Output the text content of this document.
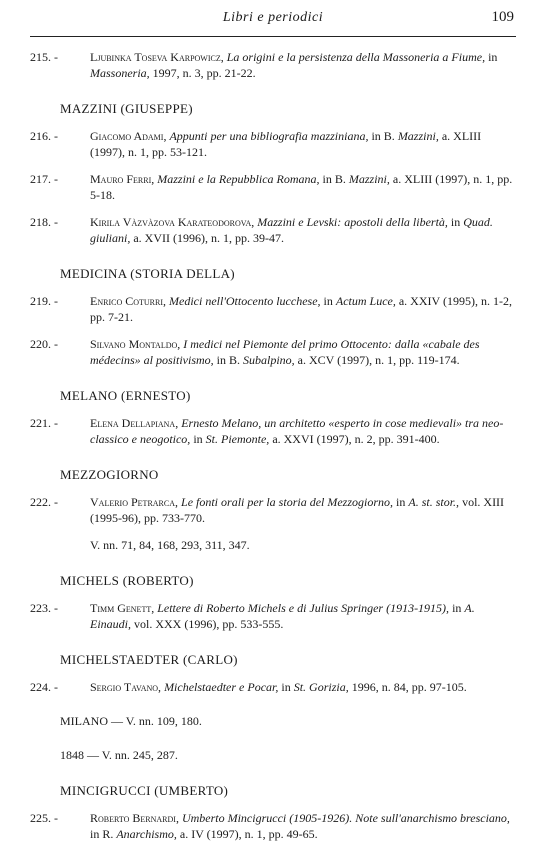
Libri e periodici	109
215. -	Ljubinka Toseva Karpowicz, La origini e la persistenza della Massoneria a Fiume, in Massoneria, 1997, n. 3, pp. 21-22.
MAZZINI (GIUSEPPE)
216. -	Giacomo Adami, Appunti per una bibliografia mazziniana, in B. Mazzini, a. XLIII (1997), n. 1, pp. 53-121.
217. -	Mauro Ferri, Mazzini e la Repubblica Romana, in B. Mazzini, a. XLIII (1997), n. 1, pp. 5-18.
218. -	Kirila Vàzvàzova Karateodorova, Mazzini e Levski: apostoli della libertà, in Quad. giuliani, a. XVII (1996), n. 1, pp. 39-47.
MEDICINA (STORIA DELLA)
219. -	Enrico Coturri, Medici nell'Ottocento lucchese, in Actum Luce, a. XXIV (1995), n. 1-2, pp. 7-21.
220. -	Silvano Montaldo, I medici nel Piemonte del primo Ottocento: dalla «cabale des médecins» al positivismo, in B. Subalpino, a. XCV (1997), n. 1, pp. 119-174.
MELANO (ERNESTO)
221. -	Elena Dellapiana, Ernesto Melano, un architetto «esperto in cose medievali» tra neo-classico e neogotico, in St. Piemonte, a. XXVI (1997), n. 2, pp. 391-400.
MEZZOGIORNO
222. -	Valerio Petrarca, Le fonti orali per la storia del Mezzogiorno, in A. st. stor., vol. XIII (1995-96), pp. 733-770.
V. nn. 71, 84, 168, 293, 311, 347.
MICHELS (ROBERTO)
223. -	Timm Genett, Lettere di Roberto Michels e di Julius Springer (1913-1915), in A. Einaudi, vol. XXX (1996), pp. 533-555.
MICHELSTAEDTER (CARLO)
224. -	Sergio Tavano, Michelstaedter e Pocar, in St. Gorizia, 1996, n. 84, pp. 97-105.
MILANO — V. nn. 109, 180.
1848 — V. nn. 245, 287.
MINCIGRUCCI (UMBERTO)
225. -	Roberto Bernardi, Umberto Mincigrucci (1905-1926). Note sull'anarchismo bresciano, in R. Anarchismo, a. IV (1997), n. 1, pp. 49-65.
